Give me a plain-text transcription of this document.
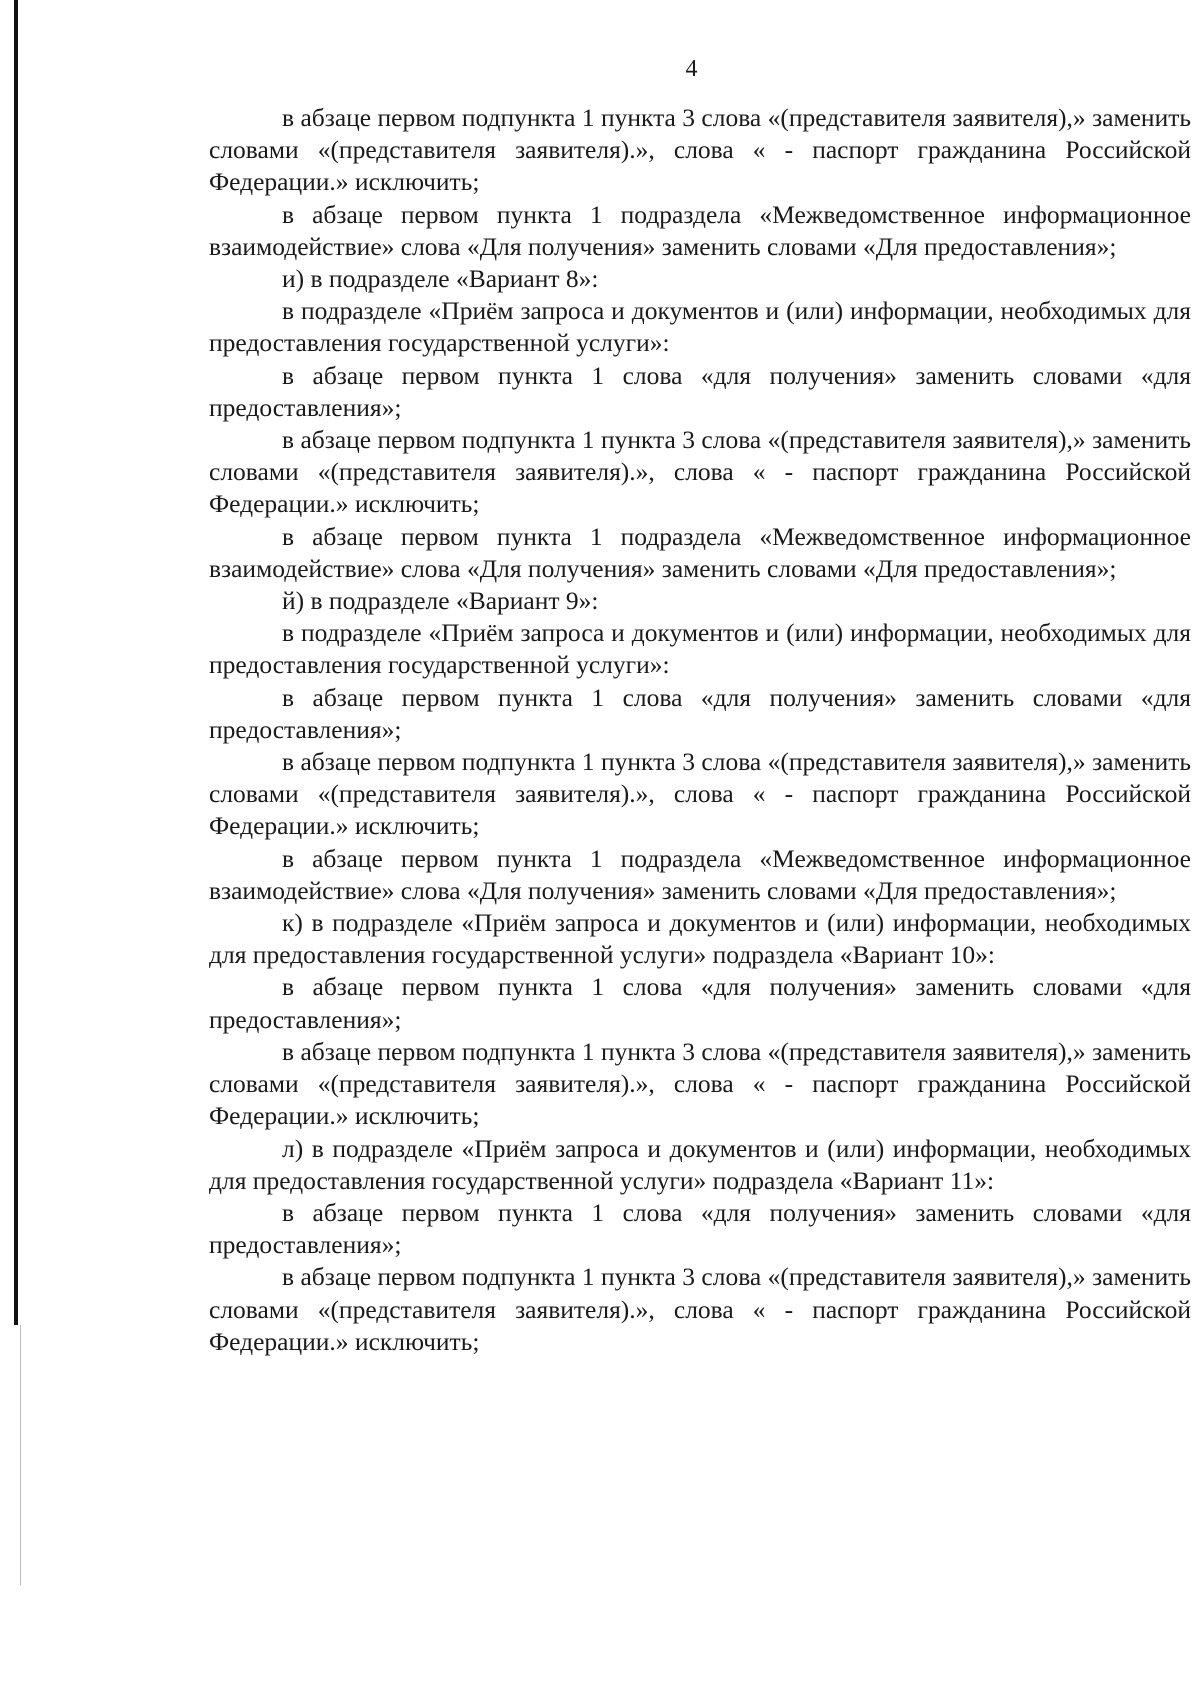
4

в абзаце первом подпункта 1 пункта 3 слова «(представителя заявителя),» заменить словами «(представителя заявителя).», слова « - паспорт гражданина Российской Федерации.» исключить;

в абзаце первом пункта 1 подраздела «Межведомственное информационное взаимодействие» слова «Для получения» заменить словами «Для предоставления»;

и) в подразделе «Вариант 8»:

в подразделе «Приём запроса и документов и (или) информации, необходимых для предоставления государственной услуги»:

в абзаце первом пункта 1 слова «для получения» заменить словами «для предоставления»;

в абзаце первом подпункта 1 пункта 3 слова «(представителя заявителя),» заменить словами «(представителя заявителя).», слова « - паспорт гражданина Российской Федерации.» исключить;

в абзаце первом пункта 1 подраздела «Межведомственное информационное взаимодействие» слова «Для получения» заменить словами «Для предоставления»;

й) в подразделе «Вариант 9»:

в подразделе «Приём запроса и документов и (или) информации, необходимых для предоставления государственной услуги»:

в абзаце первом пункта 1 слова «для получения» заменить словами «для предоставления»;

в абзаце первом подпункта 1 пункта 3 слова «(представителя заявителя),» заменить словами «(представителя заявителя).», слова « - паспорт гражданина Российской Федерации.» исключить;

в абзаце первом пункта 1 подраздела «Межведомственное информационное взаимодействие» слова «Для получения» заменить словами «Для предоставления»;

к) в подразделе «Приём запроса и документов и (или) информации, необходимых для предоставления государственной услуги» подраздела «Вариант 10»:

в абзаце первом пункта 1 слова «для получения» заменить словами «для предоставления»;

в абзаце первом подпункта 1 пункта 3 слова «(представителя заявителя),» заменить словами «(представителя заявителя).», слова « - паспорт гражданина Российской Федерации.» исключить;

л) в подразделе «Приём запроса и документов и (или) информации, необходимых для предоставления государственной услуги» подраздела «Вариант 11»:

в абзаце первом пункта 1 слова «для получения» заменить словами «для предоставления»;

в абзаце первом подпункта 1 пункта 3 слова «(представителя заявителя),» заменить словами «(представителя заявителя).», слова « - паспорт гражданина Российской Федерации.» исключить;
